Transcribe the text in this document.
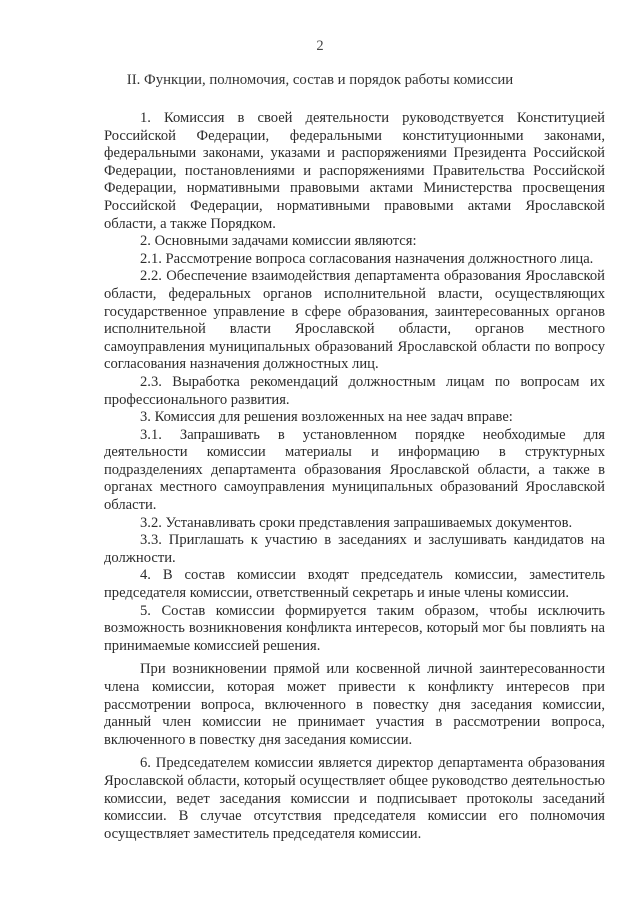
2
II. Функции, полномочия, состав и порядок работы комиссии

1. Комиссия в своей деятельности руководствуется Конституцией Российской Федерации, федеральными конституционными законами, федеральными законами, указами и распоряжениями Президента Российской Федерации, постановлениями и распоряжениями Правительства Российской Федерации, нормативными правовыми актами Министерства просвещения Российской Федерации, нормативными правовыми актами Ярославской области, а также Порядком.

2. Основными задачами комиссии являются:

2.1. Рассмотрение вопроса согласования назначения должностного лица.

2.2. Обеспечение взаимодействия департамента образования Ярославской области, федеральных органов исполнительной власти, осуществляющих государственное управление в сфере образования, заинтересованных органов исполнительной власти Ярославской области, органов местного самоуправления муниципальных образований Ярославской области по вопросу согласования назначения должностных лиц.

2.3. Выработка рекомендаций должностным лицам по вопросам их профессионального развития.

3. Комиссия для решения возложенных на нее задач вправе:

3.1. Запрашивать в установленном порядке необходимые для деятельности комиссии материалы и информацию в структурных подразделениях департамента образования Ярославской области, а также в органах местного самоуправления муниципальных образований Ярославской области.

3.2. Устанавливать сроки представления запрашиваемых документов.

3.3. Приглашать к участию в заседаниях и заслушивать кандидатов на должности.

4. В состав комиссии входят председатель комиссии, заместитель председателя комиссии, ответственный секретарь и иные члены комиссии.

5. Состав комиссии формируется таким образом, чтобы исключить возможность возникновения конфликта интересов, который мог бы повлиять на принимаемые комиссией решения.

При возникновении прямой или косвенной личной заинтересованности члена комиссии, которая может привести к конфликту интересов при рассмотрении вопроса, включенного в повестку дня заседания комиссии, данный член комиссии не принимает участия в рассмотрении вопроса, включенного в повестку дня заседания комиссии.

6. Председателем комиссии является директор департамента образования Ярославской области, который осуществляет общее руководство деятельностью комиссии, ведет заседания комиссии и подписывает протоколы заседаний комиссии. В случае отсутствия председателя комиссии его полномочия осуществляет заместитель председателя комиссии.
